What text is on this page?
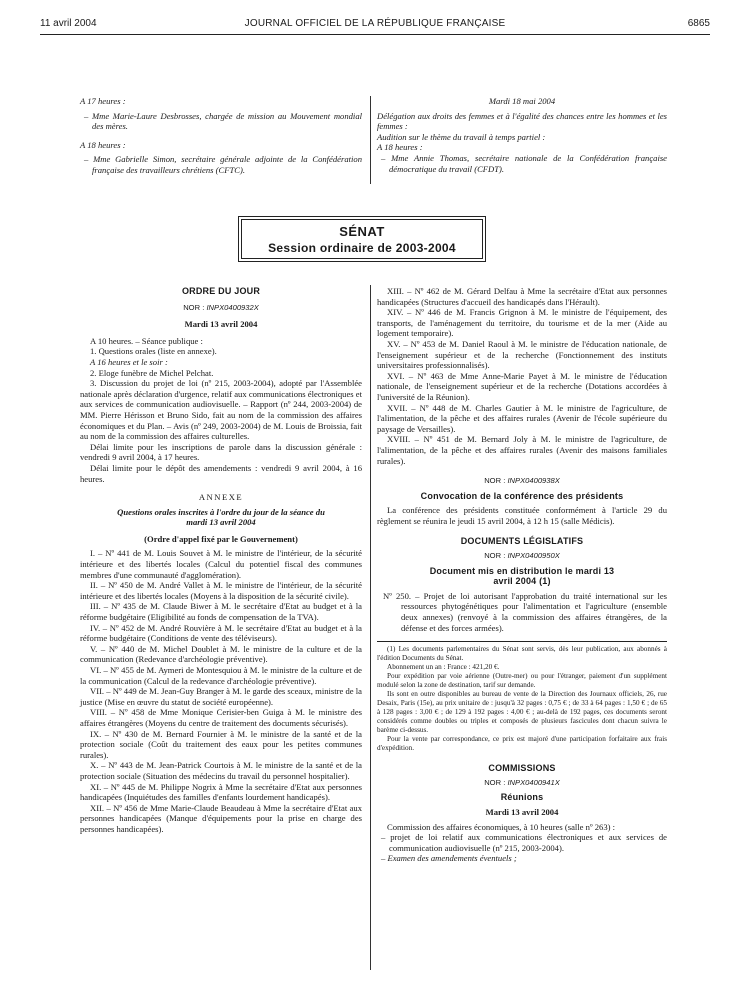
11 avril 2004	JOURNAL OFFICIEL DE LA RÉPUBLIQUE FRANÇAISE	6865

A 17 heures :

– Mme Marie-Laure Desbrosses, chargée de mission au Mouvement mondial des mères.

A 18 heures :

– Mme Gabrielle Simon, secrétaire générale adjointe de la Confédération française des travailleurs chrétiens (CFTC).

Mardi 18 mai 2004

Délégation aux droits des femmes et à l'égalité des chances entre les hommes et les femmes :

Audition sur le thème du travail à temps partiel :

A 18 heures :

– Mme Annie Thomas, secrétaire nationale de la Confédération française démocratique du travail (CFDT).

SÉNAT
Session ordinaire de 2003-2004

ORDRE DU JOUR

NOR : INPX0400932X

Mardi 13 avril 2004

A 10 heures. – Séance publique :

1. Questions orales (liste en annexe).

A 16 heures et le soir :

2. Eloge funèbre de Michel Pelchat.

3. Discussion du projet de loi (nº 215, 2003-2004), adopté par l'Assemblée nationale après déclaration d'urgence, relatif aux communications électroniques et aux services de communication audiovisuelle. – Rapport (nº 244, 2003-2004) de MM. Pierre Hérisson et Bruno Sido, fait au nom de la commission des affaires économiques et du Plan. – Avis (nº 249, 2003-2004) de M. Louis de Broissia, fait au nom de la commission des affaires culturelles.

Délai limite pour les inscriptions de parole dans la discussion générale : vendredi 9 avril 2004, à 17 heures.

Délai limite pour le dépôt des amendements : vendredi 9 avril 2004, à 16 heures.

ANNEXE

Questions orales inscrites à l'ordre du jour de la séance du mardi 13 avril 2004

(Ordre d'appel fixé par le Gouvernement)

I. – Nº 441 de M. Louis Souvet à M. le ministre de l'intérieur, de la sécurité intérieure et des libertés locales (Calcul du potentiel fiscal des communes membres d'une communauté d'agglomération).

II. – Nº 450 de M. André Vallet à M. le ministre de l'intérieur, de la sécurité intérieure et des libertés locales (Moyens à la disposition de la sécurité civile).

III. – Nº 435 de M. Claude Biwer à M. le secrétaire d'Etat au budget et à la réforme budgétaire (Eligibilité au fonds de compensation de la TVA).

IV. – Nº 452 de M. André Rouvière à M. le secrétaire d'Etat au budget et à la réforme budgétaire (Conditions de vente des téléviseurs).

V. – Nº 440 de M. Michel Doublet à M. le ministre de la culture et de la communication (Redevance d'archéologie préventive).

VI. – Nº 455 de M. Aymeri de Montesquiou à M. le ministre de la culture et de la communication (Calcul de la redevance d'archéologie préventive).

VII. – Nº 449 de M. Jean-Guy Branger à M. le garde des sceaux, ministre de la justice (Mise en œuvre du statut de société européenne).

VIII. – Nº 458 de Mme Monique Cerisier-ben Guiga à M. le ministre des affaires étrangères (Moyens du centre de traitement des documents sécurisés).

IX. – Nº 430 de M. Bernard Fournier à M. le ministre de la santé et de la protection sociale (Coût du traitement des eaux pour les petites communes rurales).

X. – Nº 443 de M. Jean-Patrick Courtois à M. le ministre de la santé et de la protection sociale (Situation des médecins du travail du personnel hospitalier).

XI. – Nº 445 de M. Philippe Nogrix à Mme la secrétaire d'Etat aux personnes handicapées (Inquiétudes des familles d'enfants lourdement handicapés).

XII. – Nº 456 de Mme Marie-Claude Beaudeau à Mme la secrétaire d'Etat aux personnes handicapées (Manque d'équipements pour la prise en charge des personnes handicapées).

XIII. – Nº 462 de M. Gérard Delfau à Mme la secrétaire d'Etat aux personnes handicapées (Structures d'accueil des handicapés dans l'Hérault).

XIV. – Nº 446 de M. Francis Grignon à M. le ministre de l'équipement, des transports, de l'aménagement du territoire, du tourisme et de la mer (Aide au logement temporaire).

XV. – Nº 453 de M. Daniel Raoul à M. le ministre de l'éducation nationale, de l'enseignement supérieur et de la recherche (Fonctionnement des instituts universitaires professionnalisés).

XVI. – Nº 463 de Mme Anne-Marie Payet à M. le ministre de l'éducation nationale, de l'enseignement supérieur et de la recherche (Dotations accordées à l'université de la Réunion).

XVII. – Nº 448 de M. Charles Gautier à M. le ministre de l'agriculture, de l'alimentation, de la pêche et des affaires rurales (Avenir de l'école supérieure du paysage de Versailles).

XVIII. – Nº 451 de M. Bernard Joly à M. le ministre de l'agriculture, de l'alimentation, de la pêche et des affaires rurales (Avenir des maisons familiales rurales).

NOR : INPX0400938X

Convocation de la conférence des présidents

La conférence des présidents constituée conformément à l'article 29 du règlement se réunira le jeudi 15 avril 2004, à 12 h 15 (salle Médicis).

DOCUMENTS LÉGISLATIFS

NOR : INPX0400950X

Document mis en distribution le mardi 13 avril 2004 (1)

Nº 250. – Projet de loi autorisant l'approbation du traité international sur les ressources phytogénétiques pour l'alimentation et l'agriculture (ensemble deux annexes) (renvoyé à la commission des affaires étrangères, de la défense et des forces armées).

(1) Les documents parlementaires du Sénat sont servis, dès leur publication, aux abonnés à l'édition Documents du Sénat.

Abonnement un an : France : 421,20 €.

Pour expédition par voie aérienne (Outre-mer) ou pour l'étranger, paiement d'un supplément modulé selon la zone de destination, tarif sur demande.

Ils sont en outre disponibles au bureau de vente de la Direction des Journaux officiels, 26, rue Desaix, Paris (15e), au prix unitaire de : jusqu'à 32 pages : 0,75 € ; de 33 à 64 pages : 1,50 € ; de 65 à 128 pages : 3,00 € ; de 129 à 192 pages : 4,00 € ; au-delà de 192 pages, ces documents seront considérés comme doubles ou triples et composés de plusieurs fascicules dont chacun suivra le barème ci-dessus.

Pour la vente par correspondance, ce prix est majoré d'une participation forfaitaire aux frais d'expédition.

COMMISSIONS

NOR : INPX0400941X

Réunions

Mardi 13 avril 2004

Commission des affaires économiques, à 10 heures (salle nº 263) :

– projet de loi relatif aux communications électroniques et aux services de communication audiovisuelle (nº 215, 2003-2004).

– Examen des amendements éventuels ;
